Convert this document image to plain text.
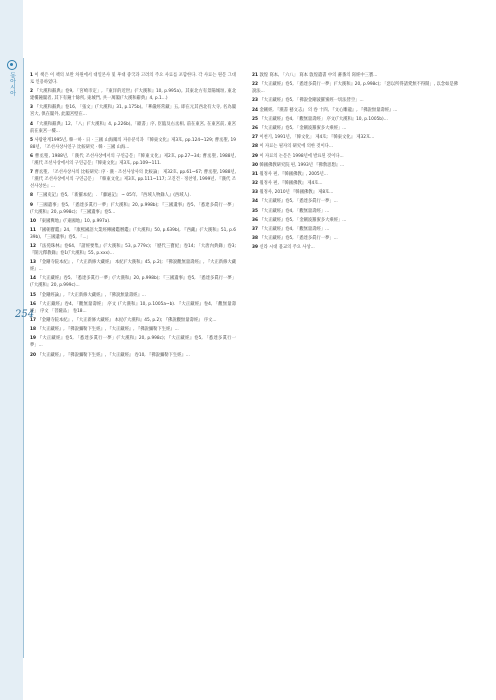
동아시아
254

1 이 책은 이 책의 보완 차원에서 대일본사 및 후대 중국과 고려의 주요 사료를 포함한다. 각 사료는 원문 그대로 인용하였다.

2 『大漢和辭典』卷9, 「宮崎市定」, 『東洋的近世』(『大漢和』10, p.995a)。其東北方有景陽城垣, 東北建樓鐘閣者, 其下有鐘十餘所, 東城門, 共一萬閣(『大漢和辭典』4, p.1...)

3 『大漢和辭典』卷16, 「張文」(『大漢和』31, p.175b)。「華嚴經常藏」五, 即在元其西北有大寺, 名為閣宮大, 俱在閣外, 此閣宮壁在...

4 『大漢和辭典』12, 「八」(『大漢和』4, p.226b)。「歐書」序, 臣臨及右丞相, 前在東宮, 在東宮前, 東宮前在東宮一樓...

5 사람관계1995년, 韓一하 · 日 · 三國 山海關의 자유분석과 『韓東文化』제3호, pp.124~129; 曹丞聖, 1988년, 「조선사상사연구 比較研究 · 韓 · 三國 山海...

6 曹丞聖, 1988년, 「漢代 조선사상에서의 구연금문」『韓東文化』제2호, pp.27~34; 曹丞聖, 1988년, 「漢代 조선사상에서의 구연금문」『韓東文化』제3호, pp.109~111.

7 曹丞聖, 「조선사상사의 比較研究: 序 · 漢 · 조선사상사의 比較論」 제32호, pp.61~67; 曹丞聖, 1988년, 「漢代 조선사상에서의 구연금문」 『韓東文化』제3호, pp.111~117; 고진건 · 정찬영, 1999년, 『漢代 조선사상론』...

8 『三國史記』卷5, 「新羅本紀」. 『藤通記』 ~ 05年, 『西域人物錄人』(西域人).

9 「三國遺事」卷5, 「悉達多眞行一夢」(『大漢和』20, p.998b); 『三國遺事』卷5, 「悉達多眞行一夢」(『大漢和』20, p.998c); 『三國遺事』卷5...

10 『東國輿地』(『東國地』10, p.997a).

11 『國朝寶鑑』24, 『康熙國語大業經傳國鑑曆鑑』(『大漢和』50, p.639b), 『西藏』(『大漢和』51, p.639b), 『三國遺事』卷5, 「...」

12 『法苑珠林』卷64, 『諸經要集』(『大漢和』53, p.779c); 「歷代三寶紀」卷14; 「大唐內典錄」卷3; 『開元釋教錄』卷1(『大漢和』55, p.xxx)...

13 『金剛寺院本紀』, 『大正新修大藏經』 本紀(『大漢和』45, p.2); 『佛說觀無量壽經』, 『大正新修大藏經』...

14 『大正藏經』卷5, 「悉達多眞行一夢」(『大漢和』20, p.998b); 『三國遺事』卷5, 「悉達多眞行一夢」(『大漢和』20, p.999c)...

15 『金剛經論』, 『大正新修大藏經』, 『佛說無量壽經』...

16 『大正藏經』卷4, 「觀無量壽經」 序文 (『大漢和』10, p.1005a~b). 『大正藏經』卷4, 「觀無量壽經」 序文 「菩薩品」 卷18...

17 『金剛寺院本紀』, 『大正新修大藏經』 本紀(『大漢和』45, p.2); 『佛說觀無量壽經』 序文...

18 『大正藏經』, 『佛說彌勒下生經』, 『大正藏經』, 『佛說彌勒下生經』...

19 『大正藏經』卷5, 「悉達多眞行一夢」(『大漢和』20, p.998c); 『大正藏經』卷5, 「悉達多眞行一夢」...

20 『大正藏經』, 『佛說彌勒下生經』, 『大正藏經』 卷10, 『佛說彌勒下生經』...

21 敦煌 寫本, 「六八」 寫本 敦煌遺書 中의 蕃番의 寫經中三寶...

22 『大正藏經』卷5, 「悉達多眞行一夢」(『大漢和』20, p.998c); 「惡以所得諸愛無不得開」, 以念如是佛說法...

23 『大正藏經』卷5, 「佛說金剛波羅蜜經一切法皆空」...

24 金剛經, 『漢書 藝文志』 의 卷 十四, 『文心雕龍』, 『佛說無量壽經』...

25 『大正藏經』卷4, 「觀無量壽經」 序文(『大漢和』10, p.1005b)...

26 『大正藏經』卷5, 「金剛波羅蜜多大乘經」...

27 이천기, 1991년, 「韓文化」 제4호; 『韓東文化』 제32호...

28 이 자료는 필자의 研究에 의한 것이다...

29 이 자료의 논문은 1998년에 발표된 것이다...

30 韓國佛敎研究院 편, 1993년 『佛敎思想』...

31 월정사 편, 『韓國佛敎』, 2005년...

32 월정사 편, 『韓國佛敎』 제4호...

33 월정사, 2010년 『韓國佛敎』 제8호...

34 『大正藏經』卷5, 「悉達多眞行一夢」...

35 『大正藏經』卷4, 「觀無量壽經」...

36 『大正藏經』卷5, 「金剛波羅蜜多大乘經」...

37 『大正藏經』卷4, 「觀無量壽經」...

38 『大正藏經』卷5, 「悉達多眞行一夢」...

39 신라 시대 불교의 주요 사상...
